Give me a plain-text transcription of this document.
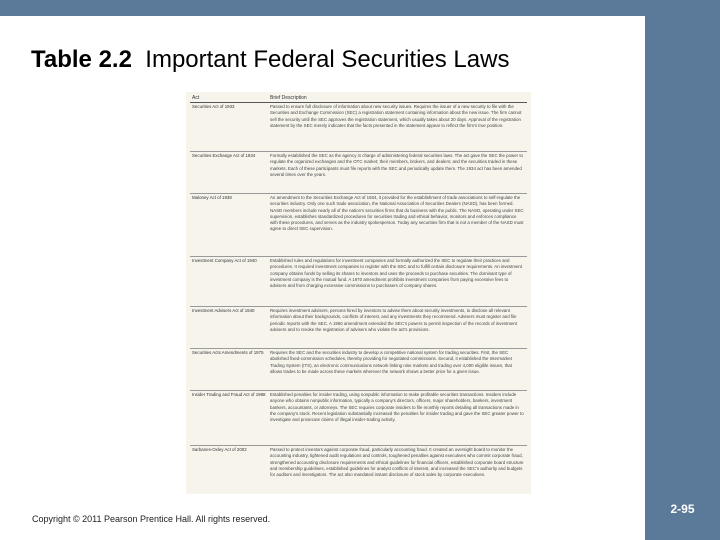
Table 2.2 Important Federal Securities Laws
Act	Brief Description
Securities Act of 1933	Passed to ensure full disclosure of information about new security issues. Requires the issuer of a new security to file with the Securities and Exchange Commission (SEC) a registration statement containing information about the new issue. The firm cannot sell the security until the SEC approves the registration statement, which usually takes about 20 days. Approval of the registration statement by the SEC merely indicates that the facts presented in the statement appear to reflect the firm's true position.
Securities Exchange Act of 1934	Formally established the SEC as the agency in charge of administering federal securities laws. The act gave the SEC the power to regulate the organized exchanges and the OTC market; their members, brokers, and dealers; and the securities traded in these markets. Each of these participants must file reports with the SEC and periodically update them. The 1934 act has been amended several times over the years.
Maloney Act of 1938	An amendment to the Securities Exchange Act of 1934, it provided for the establishment of trade associations to self-regulate the securities industry. Only one such trade association, the National Association of Securities Dealers (NASD), has been formed. NASD members include nearly all of the nation's securities firms that do business with the public. The NASD, operating under SEC supervision, establishes standardized procedures for securities trading and ethical behavior, monitors and enforces compliance with these procedures, and serves as the industry spokesperson. Today any securities firm that is not a member of the NASD must agree to direct SEC supervision.
Investment Company Act of 1940	Established rules and regulations for investment companies and formally authorized the SEC to regulate their practices and procedures. It required investment companies to register with the SEC and to fulfill certain disclosure requirements. An investment company obtains funds by selling its shares to investors and uses the proceeds to purchase securities. The dominant type of investment company is the mutual fund. A 1970 amendment prohibits investment companies from paying excessive fees to advisers and from charging excessive commissions to purchasers of company shares.
Investment Advisers Act of 1940	Requires investment advisers, persons hired by investors to advise them about security investments, to disclose all relevant information about their backgrounds, conflicts of interest, and any investments they recommend. Advisers must register and file periodic reports with the SEC. A 1960 amendment extended the SEC's powers to permit inspection of the records of investment advisers and to revoke the registration of advisers who violate the act's provisions.
Securities Acts Amendments of 1975	Requires the SEC and the securities industry to develop a competitive national system for trading securities. First, the SEC abolished fixed-commission schedules, thereby providing for negotiated commissions. Second, it established the Intermarket Trading System (ITS), an electronic communications network linking nine markets and trading over 4,000 eligible issues, that allows trades to be made across these markets wherever the network shows a better price for a given issue.
Insider Trading and Fraud Act of 1988	Established penalties for insider trading, using nonpublic information to make profitable securities transactions. Insiders include anyone who obtains nonpublic information, typically a company's directors, officers, major shareholders, bankers, investment bankers, accountants, or attorneys. The SEC requires corporate insiders to file monthly reports detailing all transactions made in the company's stock. Recent legislation substantially increased the penalties for insider trading and gave the SEC greater power to investigate and prosecute claims of illegal insider-trading activity.
Sarbanes-Oxley Act of 2002	Passed to protect investors against corporate fraud, particularly accounting fraud. It created an oversight board to monitor the accounting industry, tightened audit regulations and controls, toughened penalties against executives who commit corporate fraud, strengthened accounting disclosure requirements and ethical guidelines for financial officers, established corporate board structure and membership guidelines, established guidelines for analyst conflicts of interest, and increased the SEC's authority and budgets for auditors and investigators. The act also mandated instant disclosure of stock sales by corporate executives.
Copyright © 2011 Pearson Prentice Hall. All rights reserved.
2-95
